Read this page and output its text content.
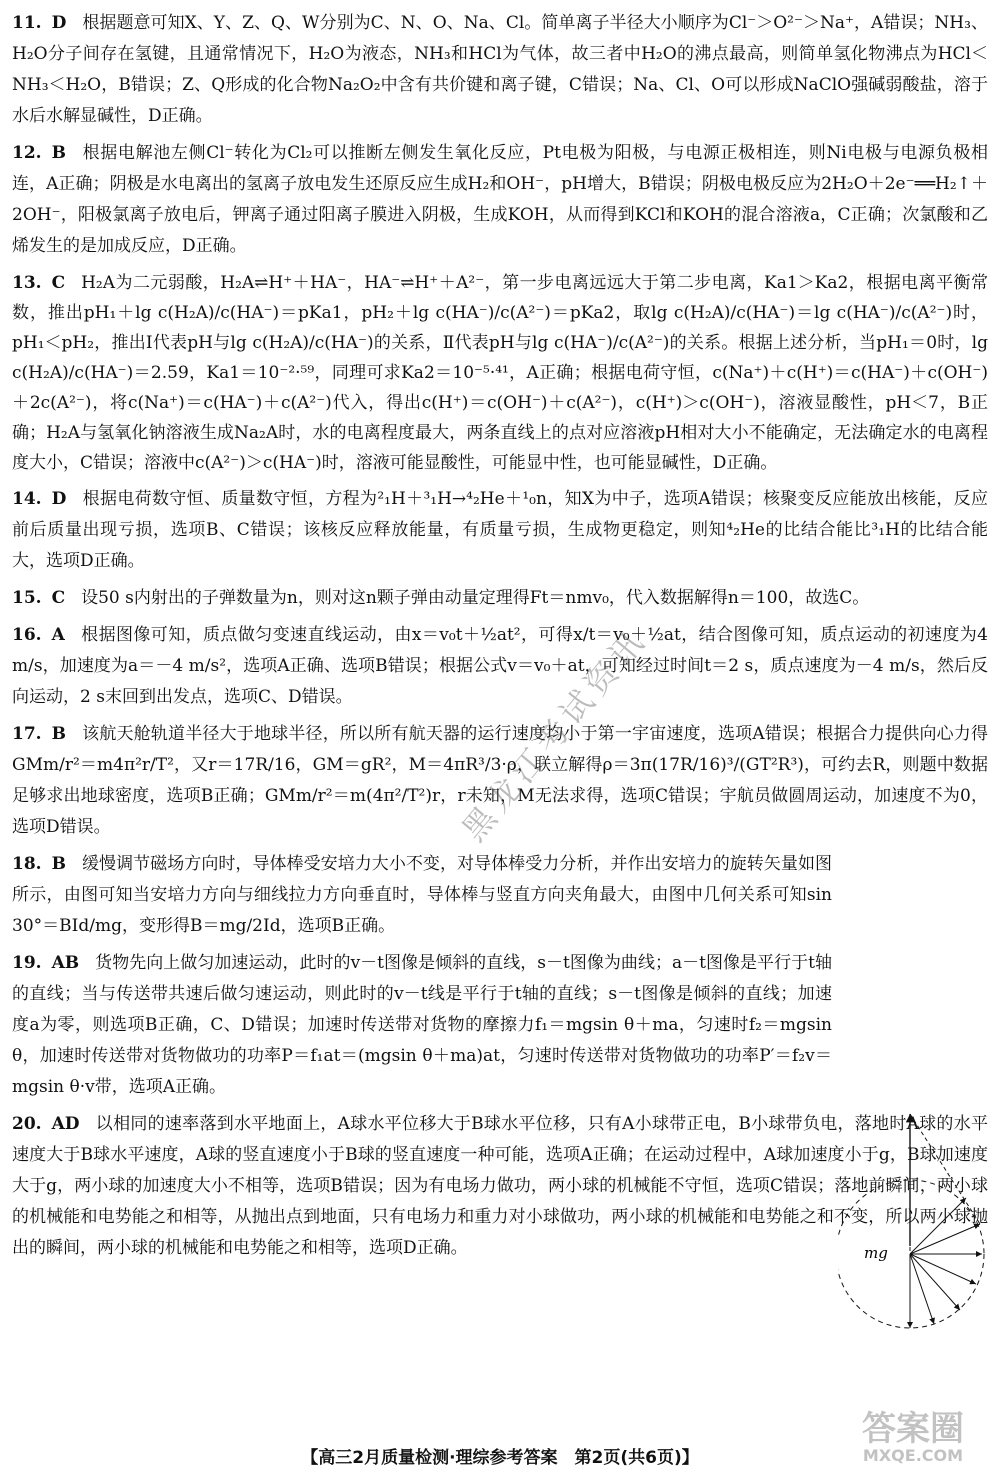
11. D 根据题意可知X、Y、Z、Q、W分别为C、N、O、Na、Cl。简单离子半径大小顺序为Cl⁻＞O²⁻＞Na⁺，A错误；NH₃、H₂O分子间存在氢键，且通常情况下，H₂O为液态，NH₃和HCl为气体，故三者中H₂O的沸点最高，则简单氢化物沸点为HCl＜NH₃＜H₂O，B错误；Z、Q形成的化合物Na₂O₂中含有共价键和离子键，C错误；Na、Cl、O可以形成NaClO强碱弱酸盐，溶于水后水解显碱性，D正确。
12. B 根据电解池左侧Cl⁻转化为Cl₂可以推断左侧发生氧化反应，Pt电极为阳极，与电源正极相连，则Ni电极与电源负极相连，A正确；阴极是水电离出的氢离子放电发生还原反应生成H₂和OH⁻，pH增大，B错误；阴极电极反应为2H₂O＋2e⁻══H₂↑＋2OH⁻，阳极氯离子放电后，钾离子通过阳离子膜进入阴极，生成KOH，从而得到KCl和KOH的混合溶液a，C正确；次氯酸和乙烯发生的是加成反应，D正确。
13. C H₂A为二元弱酸，H₂A⇌H⁺＋HA⁻，HA⁻⇌H⁺＋A²⁻，第一步电离远远大于第二步电离，Ka1＞Ka2，根据电离平衡常数，推出pH₁＋lg c(H₂A)/c(HA⁻)＝pKa1，pH₂＋lg c(HA⁻)/c(A²⁻)＝pKa2，取lg c(H₂A)/c(HA⁻)＝lg c(HA⁻)/c(A²⁻)时，pH₁＜pH₂，推出Ⅰ代表pH与lg c(H₂A)/c(HA⁻)的关系，Ⅱ代表pH与lg c(HA⁻)/c(A²⁻)的关系。根据上述分析，当pH₁＝0时，lg c(H₂A)/c(HA⁻)＝2.59，Ka1＝10⁻²·⁵⁹，同理可求Ka2＝10⁻⁵·⁴¹，A正确；根据电荷守恒，c(Na⁺)＋c(H⁺)＝c(HA⁻)＋c(OH⁻)＋2c(A²⁻)，将c(Na⁺)＝c(HA⁻)＋c(A²⁻)代入，得出c(H⁺)＝c(OH⁻)＋c(A²⁻)，c(H⁺)＞c(OH⁻)，溶液显酸性，pH＜7，B正确；H₂A与氢氧化钠溶液生成Na₂A时，水的电离程度最大，两条直线上的点对应溶液pH相对大小不能确定，无法确定水的电离程度大小，C错误；溶液中c(A²⁻)＞c(HA⁻)时，溶液可能显酸性，可能显中性，也可能显碱性，D正确。
14. D 根据电荷数守恒、质量数守恒，方程为²₁H＋³₁H→⁴₂He＋¹₀n，知X为中子，选项A错误；核聚变反应能放出核能，反应前后质量出现亏损，选项B、C错误；该核反应释放能量，有质量亏损，生成物更稳定，则知⁴₂He的比结合能比³₁H的比结合能大，选项D正确。
15. C 设50 s内射出的子弹数量为n，则对这n颗子弹由动量定理得Ft＝nmv₀，代入数据解得n＝100，故选C。
16. A 根据图像可知，质点做匀变速直线运动，由x＝v₀t＋½at²，可得x/t＝v₀＋½at，结合图像可知，质点运动的初速度为4 m/s，加速度为a＝－4 m/s²，选项A正确、选项B错误；根据公式v＝v₀＋at，可知经过时间t＝2 s，质点速度为－4 m/s，然后反向运动，2 s末回到出发点，选项C、D错误。
17. B 该航天舱轨道半径大于地球半径，所以所有航天器的运行速度均小于第一宇宙速度，选项A错误；根据合力提供向心力得GMm/r²＝m4π²r/T²，又r＝17R/16，GM＝gR²，M＝4πR³/3·ρ，联立解得ρ＝3π(17R/16)³/(GT²R³)，可约去R，则题中数据足够求出地球密度，选项B正确；GMm/r²＝m(4π²/T²)r，r未知，M无法求得，选项C错误；宇航员做圆周运动，加速度不为0，选项D错误。
18. B 缓慢调节磁场方向时，导体棒受安培力大小不变，对导体棒受力分析，并作出安培力的旋转矢量如图所示，由图可知当安培力方向与细线拉力方向垂直时，导体棒与竖直方向夹角最大，由图中几何关系可知sin 30°＝BId/mg，变形得B＝mg/2Id，选项B正确。
19. AB 货物先向上做匀加速运动，此时的v－t图像是倾斜的直线，s－t图像为曲线；a－t图像是平行于t轴的直线；当与传送带共速后做匀速运动，则此时的v－t线是平行于t轴的直线；s－t图像是倾斜的直线；加速度a为零，则选项B正确，C、D错误；加速时传送带对货物的摩擦力f₁＝mgsin θ＋ma，匀速时f₂＝mgsin θ，加速时传送带对货物做功的功率P＝f₁at＝(mgsin θ＋ma)at，匀速时传送带对货物做功的功率P′＝f₂v＝mgsin θ·v带，选项A正确。
20. AD 以相同的速率落到水平地面上，A球水平位移大于B球水平位移，只有A小球带正电，B小球带负电，落地时A球的水平速度大于B球水平速度，A球的竖直速度小于B球的竖直速度一种可能，选项A正确；在运动过程中，A球加速度小于g，B球加速度大于g，两小球的加速度大小不相等，选项B错误；因为有电场力做功，两小球的机械能不守恒，选项C错误；落地前瞬间，两小球的机械能和电势能之和相等，从抛出点到地面，只有电场力和重力对小球做功，两小球的机械能和电势能之和不变，所以两小球抛出的瞬间，两小球的机械能和电势能之和相等，选项D正确。	mg
黑龙江考试资讯
答案圈
MXQE.COM
【高三2月质量检测·理综参考答案　第2页(共6页)】
